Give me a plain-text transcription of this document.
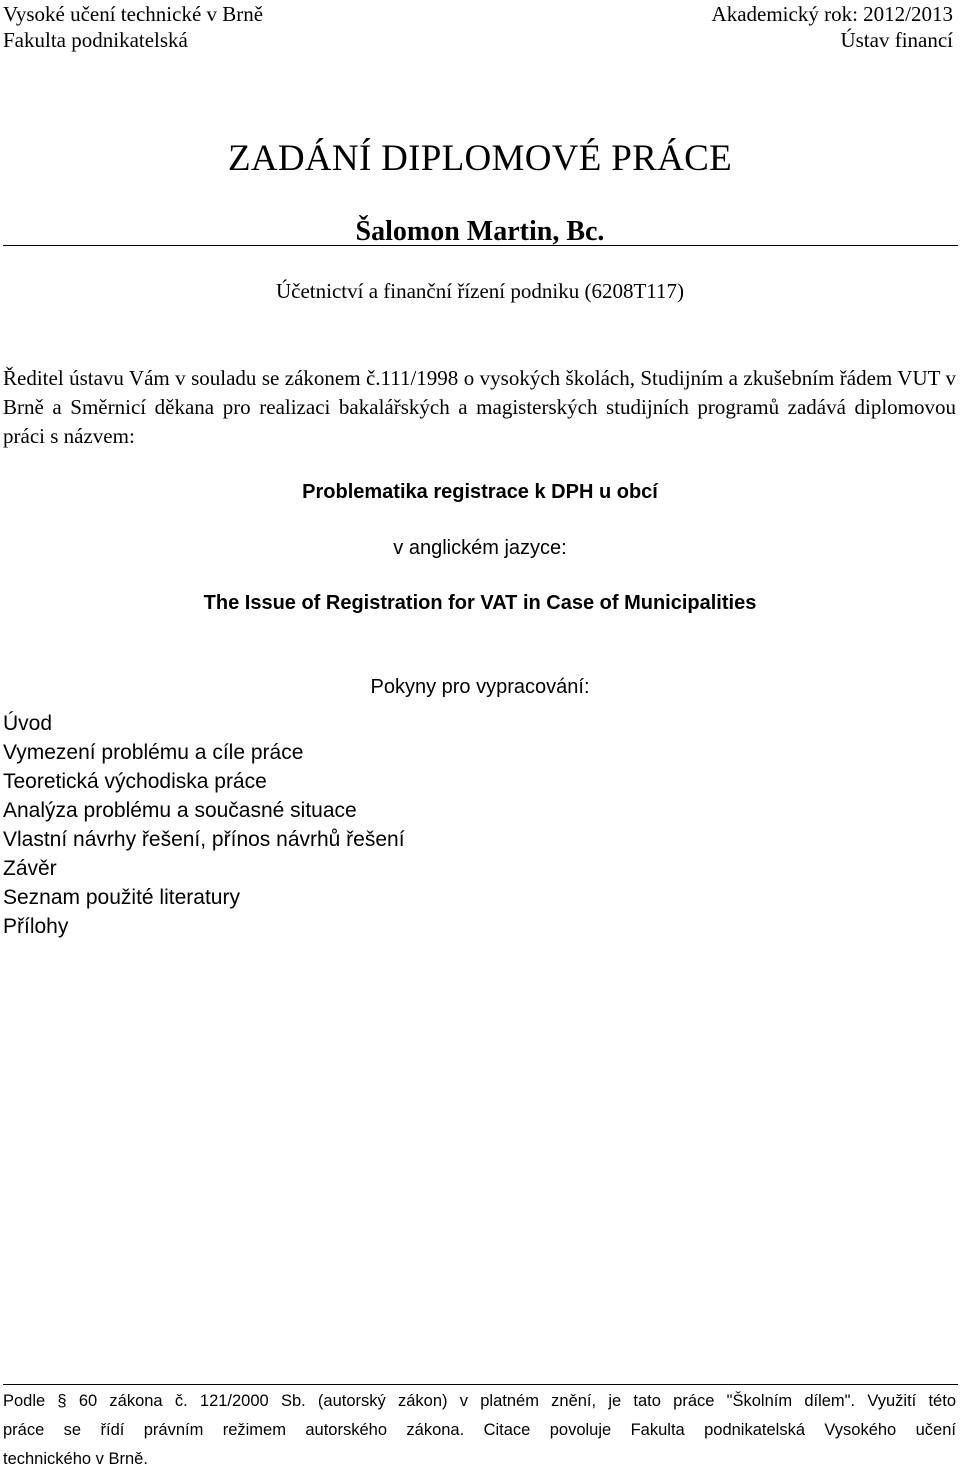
Vysoké učení technické v Brně
Fakulta podnikatelská
Akademický rok: 2012/2013
Ústav financí
ZADÁNÍ DIPLOMOVÉ PRÁCE
Šalomon Martin, Bc.
Účetnictví a finanční řízení podniku (6208T117)
Ředitel ústavu Vám v souladu se zákonem č.111/1998 o vysokých školách, Studijním a zkušebním řádem VUT v Brně a Směrnicí děkana pro realizaci bakalářských a magisterských studijních programů zadává diplomovou práci s názvem:
Problematika registrace k DPH u obcí
v anglickém jazyce:
The Issue of Registration for VAT in Case of Municipalities
Pokyny pro vypracování:
Úvod
Vymezení problému a cíle práce
Teoretická východiska práce
Analýza problému a současné situace
Vlastní návrhy řešení, přínos návrhů řešení
Závěr
Seznam použité literatury
Přílohy
Podle § 60 zákona č. 121/2000 Sb. (autorský zákon) v platném znění, je tato práce "Školním dílem". Využití této
práce se řídí právním režimem autorského zákona. Citace povoluje Fakulta podnikatelská Vysokého učení
technického v Brně.
